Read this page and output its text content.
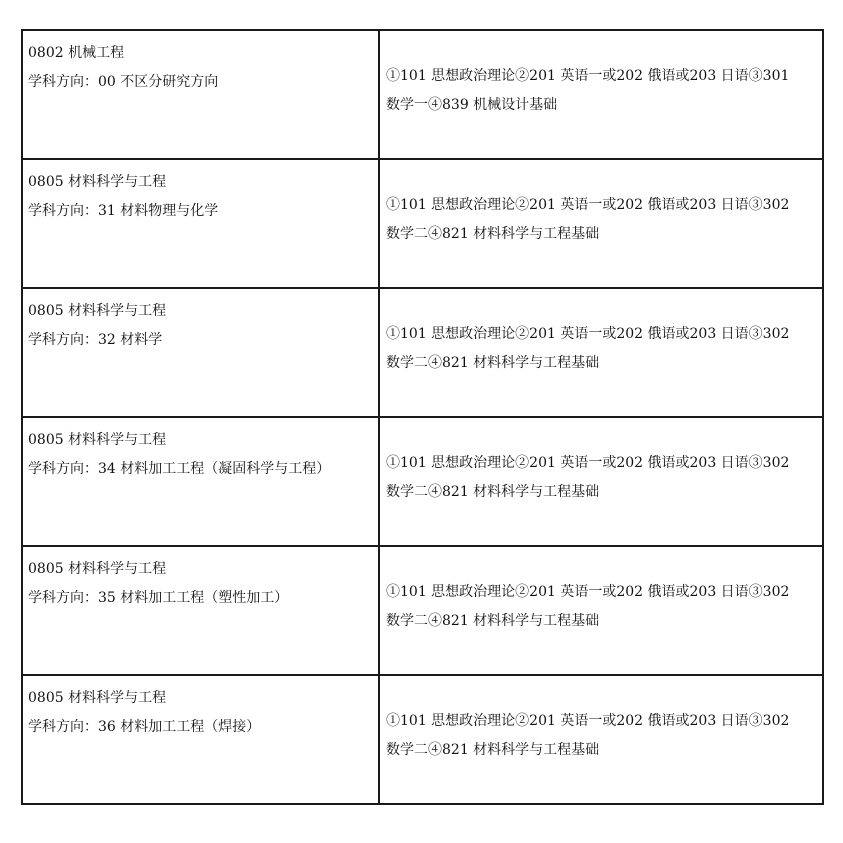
0802 机械工程
学科方向：00 不区分研究方向	①101 思想政治理论②201 英语一或202 俄语或203 日语③301
数学一④839 机械设计基础

0805 材料科学与工程
学科方向：31 材料物理与化学	①101 思想政治理论②201 英语一或202 俄语或203 日语③302
数学二④821 材料科学与工程基础

0805 材料科学与工程
学科方向：32 材料学	①101 思想政治理论②201 英语一或202 俄语或203 日语③302
数学二④821 材料科学与工程基础

0805 材料科学与工程
学科方向：34 材料加工工程（凝固科学与工程）	①101 思想政治理论②201 英语一或202 俄语或203 日语③302
数学二④821 材料科学与工程基础

0805 材料科学与工程
学科方向：35 材料加工工程（塑性加工）	①101 思想政治理论②201 英语一或202 俄语或203 日语③302
数学二④821 材料科学与工程基础

0805 材料科学与工程
学科方向：36 材料加工工程（焊接）	①101 思想政治理论②201 英语一或202 俄语或203 日语③302
数学二④821 材料科学与工程基础
